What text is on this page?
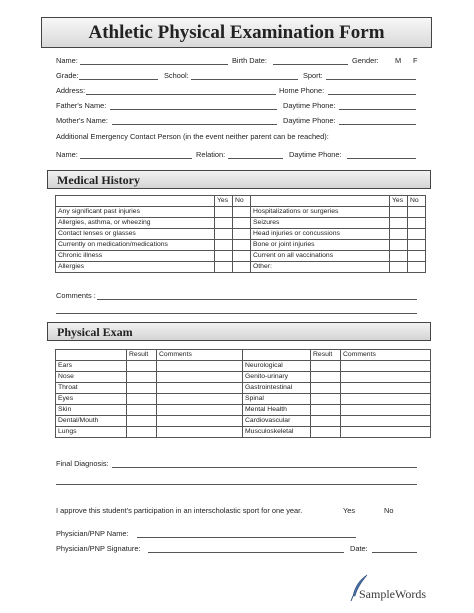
Athletic Physical Examination Form
Name:	Birth Date:	Gender: M F
Grade:	School:	Sport:
Address:	Home Phone:
Father's Name:	Daytime Phone:
Mother's Name:	Daytime Phone:
Additional Emergency Contact Person (in the event neither parent can be reached):
Name:	Relation:	Daytime Phone:
Medical History
	Yes	No		Yes	No
Any significant past injuries			Hospitalizations or surgeries		
Allergies, asthma, or wheezing			Seizures		
Contact lenses or glasses			Head injuries or concussions		
Currently on medication/medications			Bone or joint injuries		
Chronic illness			Current on all vaccinations		
Allergies			Other:		
Comments :
Physical Exam
	Result	Comments		Result	Comments
Ears			Neurological		
Nose			Genito-urinary		
Throat			Gastrointestinal		
Eyes			Spinal		
Skin			Mental Health		
Dental/Mouth			Cardiovascular		
Lungs			Musculoskeletal		
Final Diagnosis:
I approve this student's participation in an interscholastic sport for one year.	Yes	No
Physician/PNP Name:
Physician/PNP Signature:	Date:
SampleWords
